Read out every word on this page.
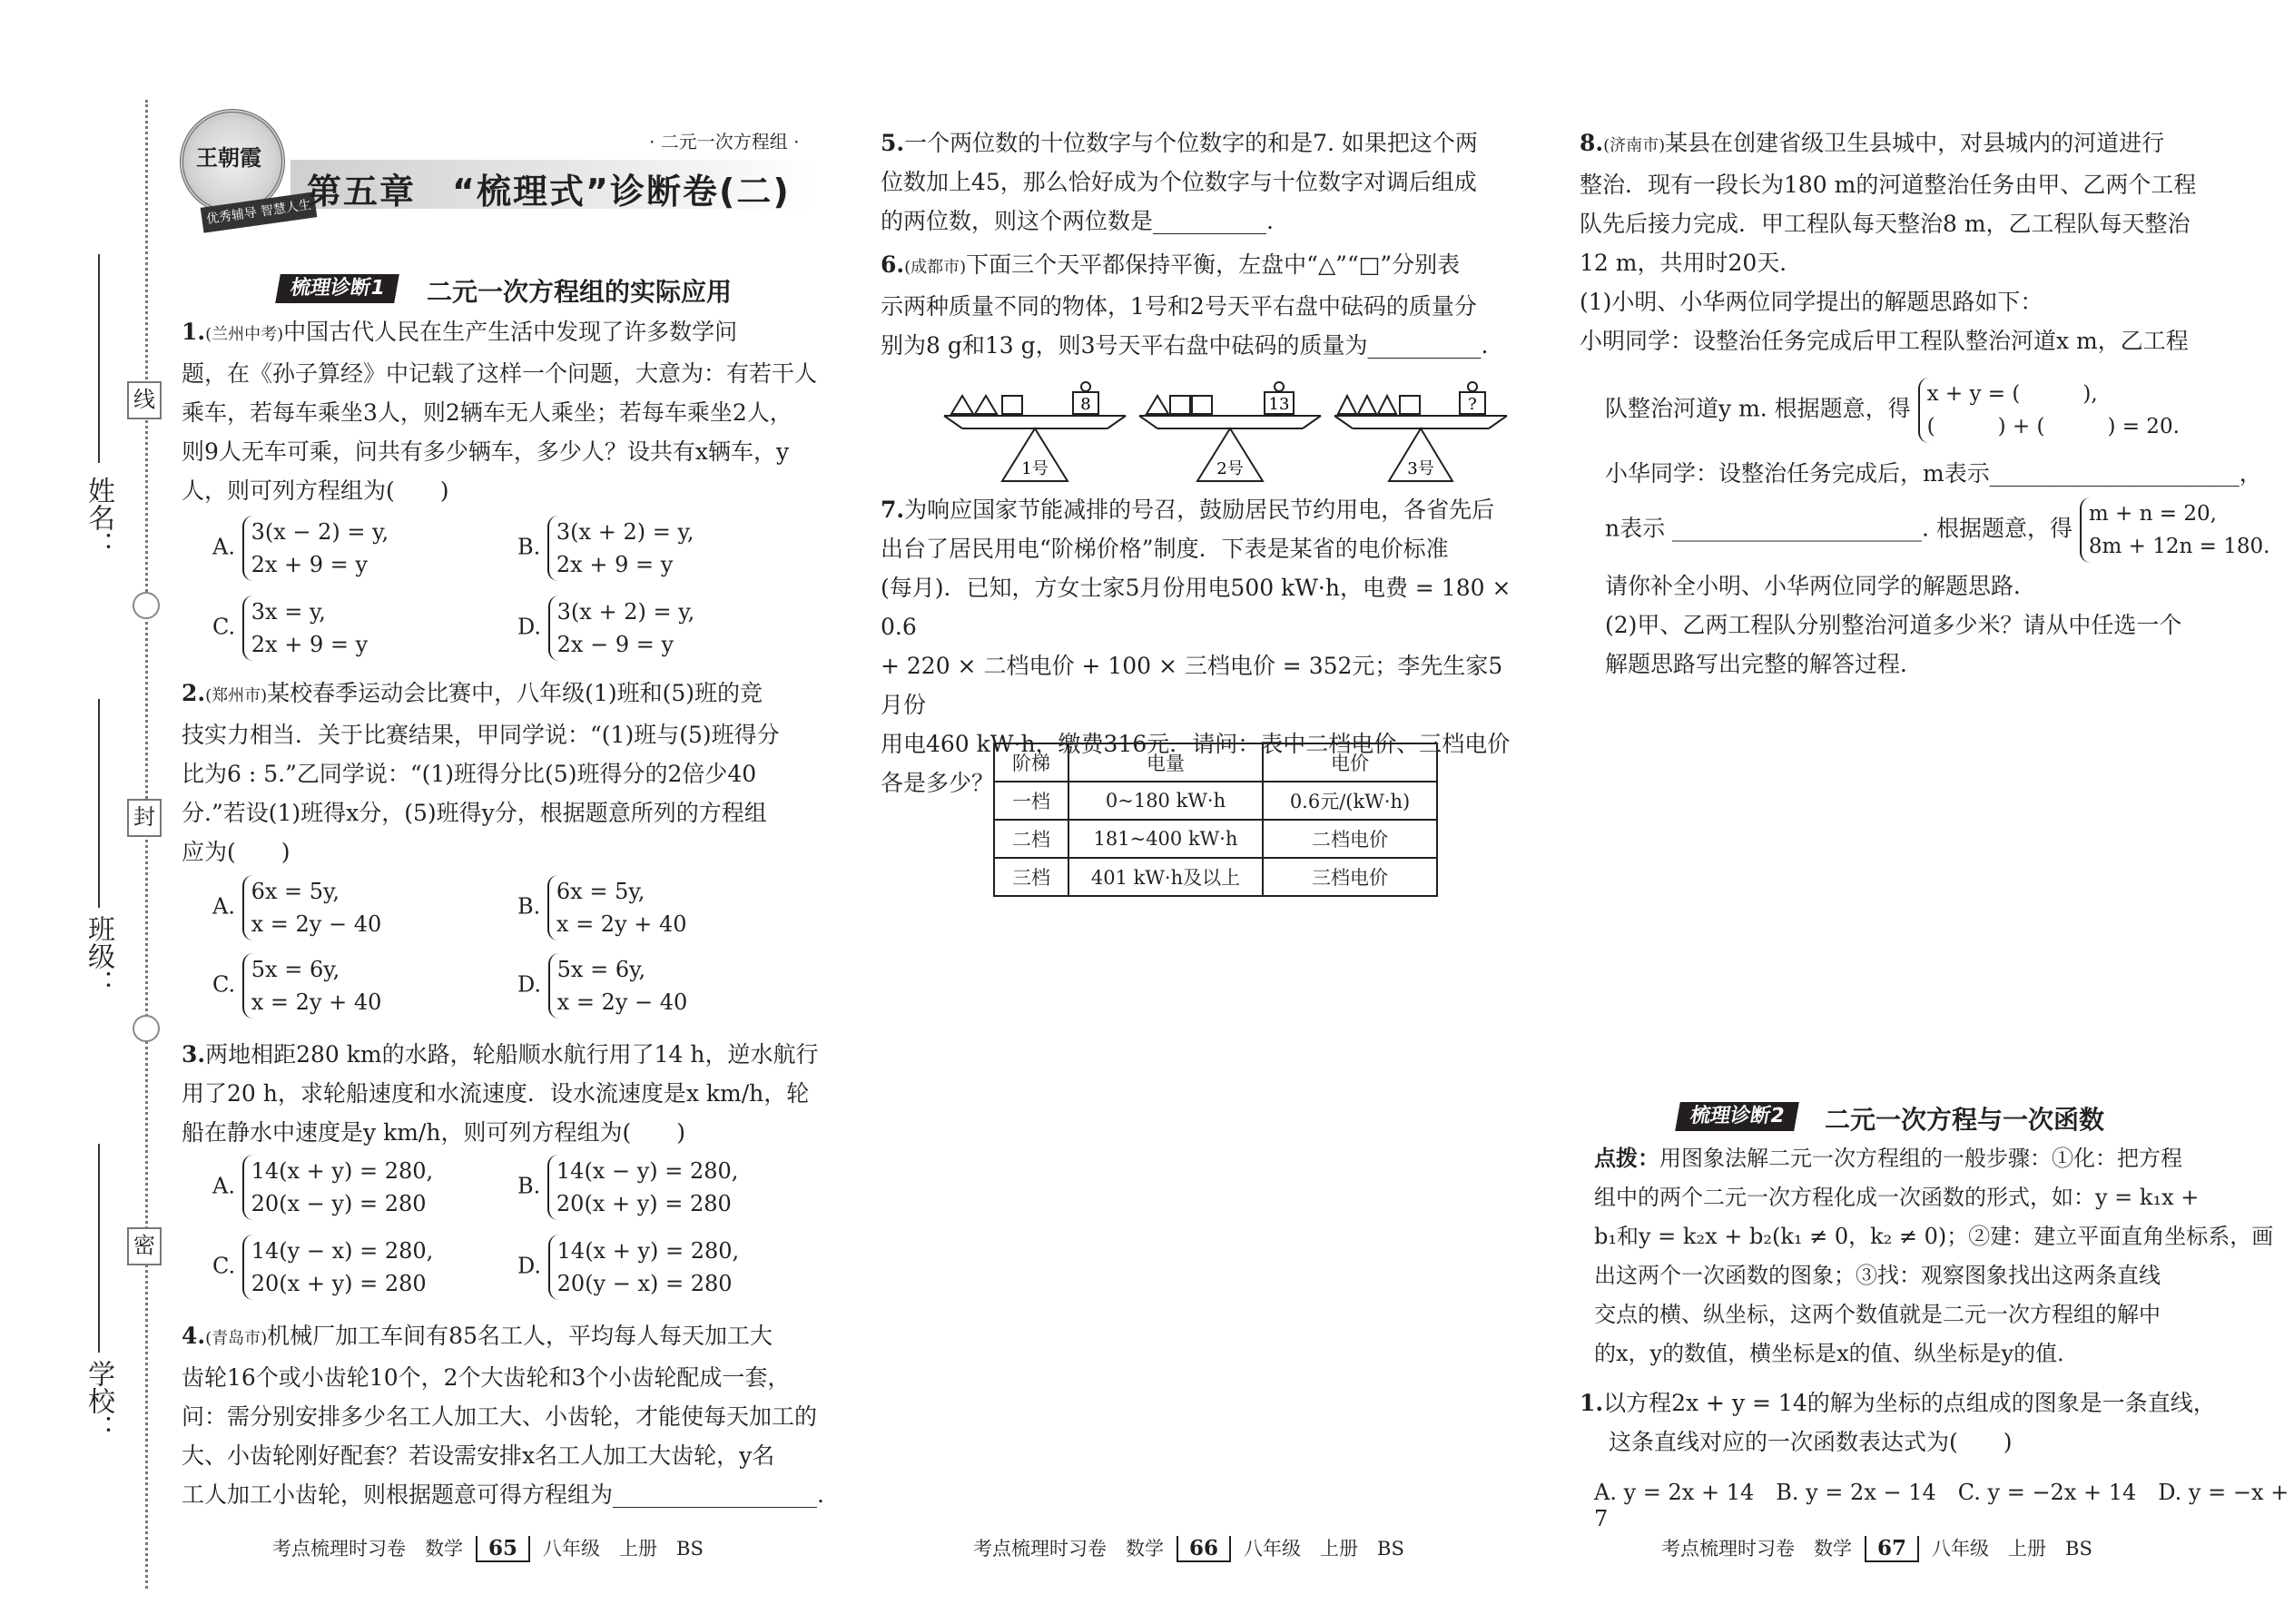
线
封
密
姓名：
班级：
学校：
王朝霞
优秀辅导 智慧人生
· 二元一次方程组 ·
第五章　“梳理式”诊断卷(二)
梳理诊断1	二元一次方程组的实际应用
1.(兰州中考)中国古代人民在生产生活中发现了许多数学问
题，在《孙子算经》中记载了这样一个问题，大意为：有若干人
乘车，若每车乘坐3人，则2辆车无人乘坐；若每车乘坐2人，
则9人无车可乘，问共有多少辆车，多少人？设共有x辆车，y
人，则可列方程组为(　　)
A.
3(x − 2) = y,
2x + 9 = y
B.
3(x + 2) = y,
2x + 9 = y
C.
3x = y,
2x + 9 = y
D.
3(x + 2) = y,
2x − 9 = y
2.(郑州市)某校春季运动会比赛中，八年级(1)班和(5)班的竞
技实力相当．关于比赛结果，甲同学说：“(1)班与(5)班得分
比为6 : 5.”乙同学说：“(1)班得分比(5)班得分的2倍少40
分.”若设(1)班得x分，(5)班得y分，根据题意所列的方程组
应为(　　)
A.
6x = 5y,
x = 2y − 40
B.
6x = 5y,
x = 2y + 40
C.
5x = 6y,
x = 2y + 40
D.
5x = 6y,
x = 2y − 40
3.两地相距280 km的水路，轮船顺水航行用了14 h，逆水航行
用了20 h，求轮船速度和水流速度．设水流速度是x km/h，轮
船在静水中速度是y km/h，则可列方程组为(　　)
A.
14(x + y) = 280,
20(x − y) = 280
B.
14(x − y) = 280,
20(x + y) = 280
C.
14(y − x) = 280,
20(x + y) = 280
D.
14(x + y) = 280,
20(y − x) = 280
4.(青岛市)机械厂加工车间有85名工人，平均每人每天加工大
齿轮16个或小齿轮10个，2个大齿轮和3个小齿轮配成一套，
问：需分别安排多少名工人加工大、小齿轮，才能使每天加工的
大、小齿轮刚好配套？若设需安排x名工人加工大齿轮，y名
工人加工小齿轮，则根据题意可得方程组为__________________.
考点梳理时习卷　数学 65 八年级　上册　BS
5.一个两位数的十位数字与个位数字的和是7. 如果把这个两
位数加上45，那么恰好成为个位数字与十位数字对调后组成
的两位数，则这个两位数是__________.
6.(成都市)下面三个天平都保持平衡，左盘中“△”“□”分别表
示两种质量不同的物体，1号和2号天平右盘中砝码的质量分
别为8 g和13 g，则3号天平右盘中砝码的质量为__________.
8
1号
13
2号
?
3号
7.为响应国家节能减排的号召，鼓励居民节约用电，各省先后
出台了居民用电“阶梯价格”制度．下表是某省的电价标准
(每月)．已知，方女士家5月份用电500 kW·h，电费 = 180 × 0.6
+ 220 × 二档电价 + 100 × 三档电价 = 352元；李先生家5月份
用电460 kW·h，缴费316元．请问：表中二档电价、三档电价
各是多少？
考点梳理时习卷　数学 66 八年级　上册　BS
阶梯	电量	电价
一档	0~180 kW·h	0.6元/(kW·h)
二档	181~400 kW·h	二档电价
三档	401 kW·h及以上	三档电价
8.(济南市)某县在创建省级卫生县城中，对县城内的河道进行
整治．现有一段长为180 m的河道整治任务由甲、乙两个工程
队先后接力完成．甲工程队每天整治8 m，乙工程队每天整治
12 m，共用时20天．
(1)小明、小华两位同学提出的解题思路如下：
小明同学：设整治任务完成后甲工程队整治河道x m，乙工程
队整治河道y m. 根据题意，得
x + y = (　　　),
(　　　) + (　　　) = 20.
小华同学：设整治任务完成后，m表示______________________，
n表示 ______________________. 根据题意，得
m + n = 20,
8m + 12n = 180.
请你补全小明、小华两位同学的解题思路．
(2)甲、乙两工程队分别整治河道多少米？请从中任选一个
解题思路写出完整的解答过程．
梳理诊断2	二元一次方程与一次函数
点拨：用图象法解二元一次方程组的一般步骤：①化：把方程
组中的两个二元一次方程化成一次函数的形式，如：y = k₁x +
b₁和y = k₂x + b₂(k₁ ≠ 0，k₂ ≠ 0)；②建：建立平面直角坐标系，画
出这两个一次函数的图象；③找：观察图象找出这两条直线
交点的横、纵坐标，这两个数值就是二元一次方程组的解中
的x，y的数值，横坐标是x的值、纵坐标是y的值．
1.以方程2x + y = 14的解为坐标的点组成的图象是一条直线，
这条直线对应的一次函数表达式为(　　)
A. y = 2x + 14　B. y = 2x − 14　C. y = −2x + 14　D. y = −x + 7
考点梳理时习卷　数学 67 八年级　上册　BS
